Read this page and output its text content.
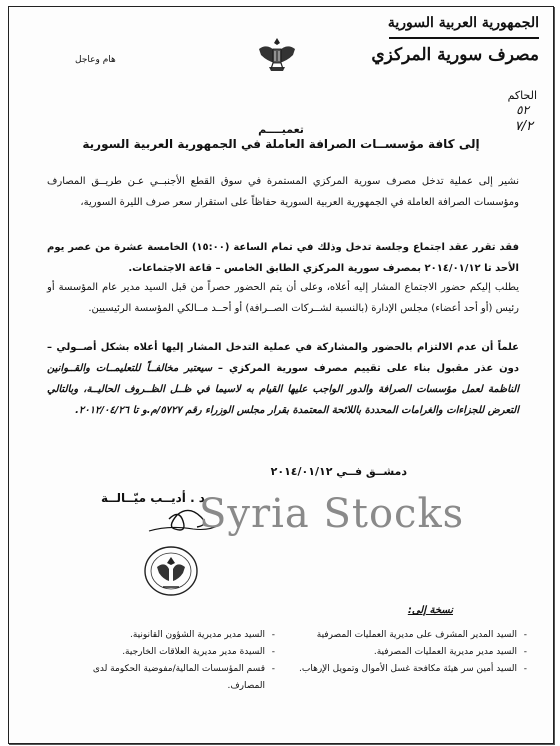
الجمهورية العربية السورية
مصرف سورية المركزي
الحاكم
٥٢
٧/٢
هام وعاجل
تعميــــم
إلى كافة مؤسســات الصرافة العاملة في الجمهورية العربية السورية
نشير إلى عملية تدخل مصرف سورية المركزي المستمرة في سوق القطع الأجنبــي عـن طريــق المصارف ومؤسسات الصرافة العاملة في الجمهورية العربية السورية حفاظاً على استقرار سعر صرف الليرة السورية،
فقد تقرر عقد اجتماع وجلسة تدخل وذلك في تمام الساعة (١٥:٠٠) الخامسة عشرة من عصر يوم الأحد تا ٢٠١٤/٠١/١٢ بمصرف سورية المركزي الطابق الخامس – قاعة الاجتماعات.
يطلب إليكم حضور الاجتماع المشار إليه أعلاه، وعلى أن يتم الحضور حصراً من قبل السيد مدير عام المؤسسة أو رئيس (أو أحد أعضاء) مجلس الإدارة (بالنسبة لشــركات الصــرافة) أو أحــد مــالكي المؤسسة الرئيسيين.
علماً أن عدم الالتزام بالحضور والمشاركة في عملية التدخل المشار إليها أعلاه بشكل أصــولي – دون عذر مقبول بناء على تقييم مصرف سورية المركزي – سيعتبر مخالفــاً للتعليمــات والقــوانين الناظمة لعمل مؤسسات الصرافة والدور الواجب عليها القيام به لاسيما في ظــل الظــروف الحاليــة، وبالتالي التعرض للجزاءات والغرامات المحددة باللائحة المعتمدة بقرار مجلس الوزراء رقم ٥٧٢٧/م.و تا ٢٠١٢/٠٤/٢٦.
دمشــق فــي ٢٠١٤/٠١/١٢
د . أديــب ميّــالــة
Syria Stocks
نسخة إلى:
- السيد المدير المشرف على مديرية العمليات المصرفية
- السيد مدير مديرية العمليات المصرفية.
- السيد أمين سر هيئة مكافحة غسل الأموال وتمويل الإرهاب.
- السيد مدير مديرية الشؤون القانونية.
- السيدة مدير مديرية العلاقات الخارجية.
- قسم المؤسسات المالية/مفوضية الحكومة لدى المصارف.
